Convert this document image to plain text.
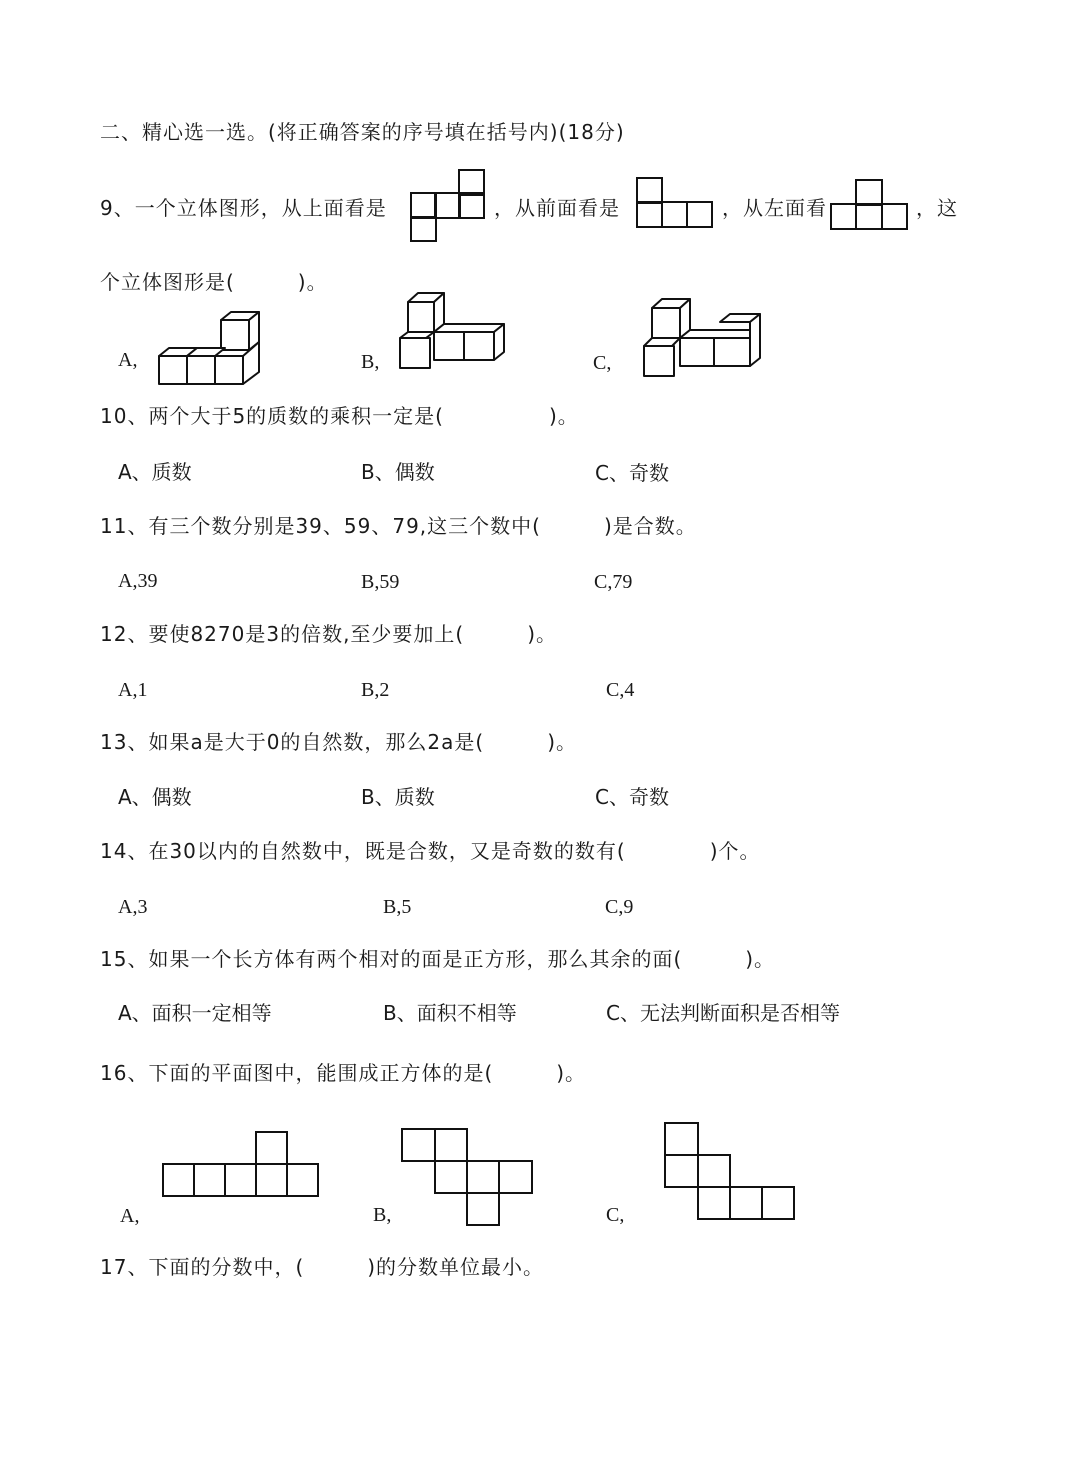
二、精心选一选。(将正确答案的序号填在括号内)(18分)
9、一个立体图形，从上面看是	，从前面看是	，从左面看	，这
个立体图形是(　　　)。
A,	B,	C,
10、两个大于5的质数的乘积一定是(　　　　　)。
A、质数	B、偶数	C、奇数
11、有三个数分别是39、59、79,这三个数中(　　　)是合数。
A,39	B,59	C,79
12、要使8270是3的倍数,至少要加上(　　　)。
A,1	B,2	C,4
13、如果a是大于0的自然数，那么2a是(　　　)。
A、偶数	B、质数	C、奇数
14、在30以内的自然数中，既是合数，又是奇数的数有(　　　　)个。
A,3	B,5	C,9
15、如果一个长方体有两个相对的面是正方形，那么其余的面(　　　)。
A、面积一定相等	B、面积不相等	C、无法判断面积是否相等
16、下面的平面图中，能围成正方体的是(　　　)。
A,	B,	C,
17、下面的分数中，(　　　)的分数单位最小。
